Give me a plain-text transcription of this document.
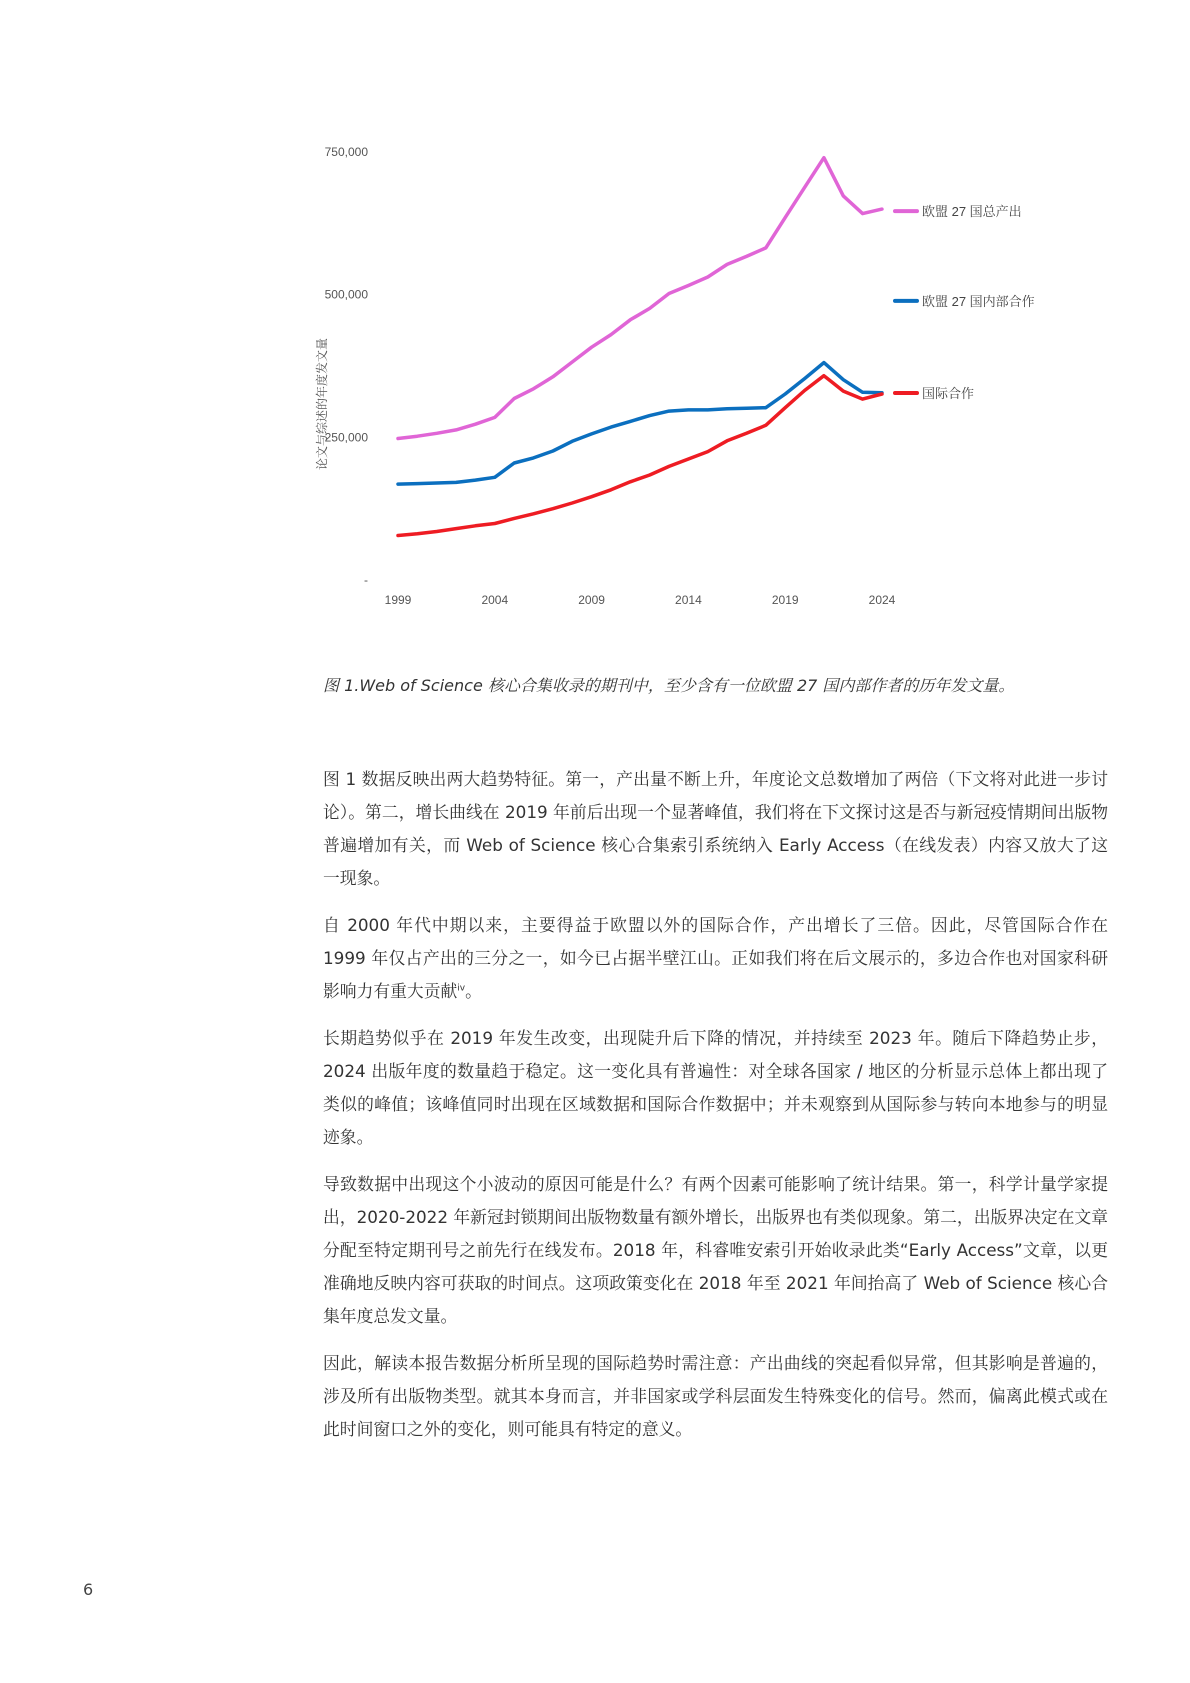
论文与综述的年度发文量
750,000
500,000
250,000
-
1999	2004	2009	2014	2019	2024
欧盟 27 国总产出
欧盟 27 国内部合作
国际合作
图 1.Web of Science 核心合集收录的期刊中，至少含有一位欧盟 27 国内部作者的历年发文量。

图 1 数据反映出两大趋势特征。第一，产出量不断上升，年度论文总数增加了两倍（下文将对此进一步讨论）。第二，增长曲线在 2019 年前后出现一个显著峰值，我们将在下文探讨这是否与新冠疫情期间出版物普遍增加有关，而 Web of Science 核心合集索引系统纳入 Early Access（在线发表）内容又放大了这一现象。

自 2000 年代中期以来，主要得益于欧盟以外的国际合作，产出增长了三倍。因此，尽管国际合作在 1999 年仅占产出的三分之一，如今已占据半壁江山。正如我们将在后文展示的，多边合作也对国家科研影响力有重大贡献$^{iv}$。

长期趋势似乎在 2019 年发生改变，出现陡升后下降的情况，并持续至 2023 年。随后下降趋势止步，2024 出版年度的数量趋于稳定。这一变化具有普遍性：对全球各国家 / 地区的分析显示总体上都出现了类似的峰值；该峰值同时出现在区域数据和国际合作数据中；并未观察到从国际参与转向本地参与的明显迹象。

导致数据中出现这个小波动的原因可能是什么？有两个因素可能影响了统计结果。第一，科学计量学家提出，2020-2022 年新冠封锁期间出版物数量有额外增长，出版界也有类似现象。第二，出版界决定在文章分配至特定期刊号之前先行在线发布。2018 年，科睿唯安索引开始收录此类“Early Access”文章，以更准确地反映内容可获取的时间点。这项政策变化在 2018 年至 2021 年间抬高了 Web of Science 核心合集年度总发文量。

因此，解读本报告数据分析所呈现的国际趋势时需注意：产出曲线的突起看似异常，但其影响是普遍的，涉及所有出版物类型。就其本身而言，并非国家或学科层面发生特殊变化的信号。然而，偏离此模式或在此时间窗口之外的变化，则可能具有特定的意义。

6
